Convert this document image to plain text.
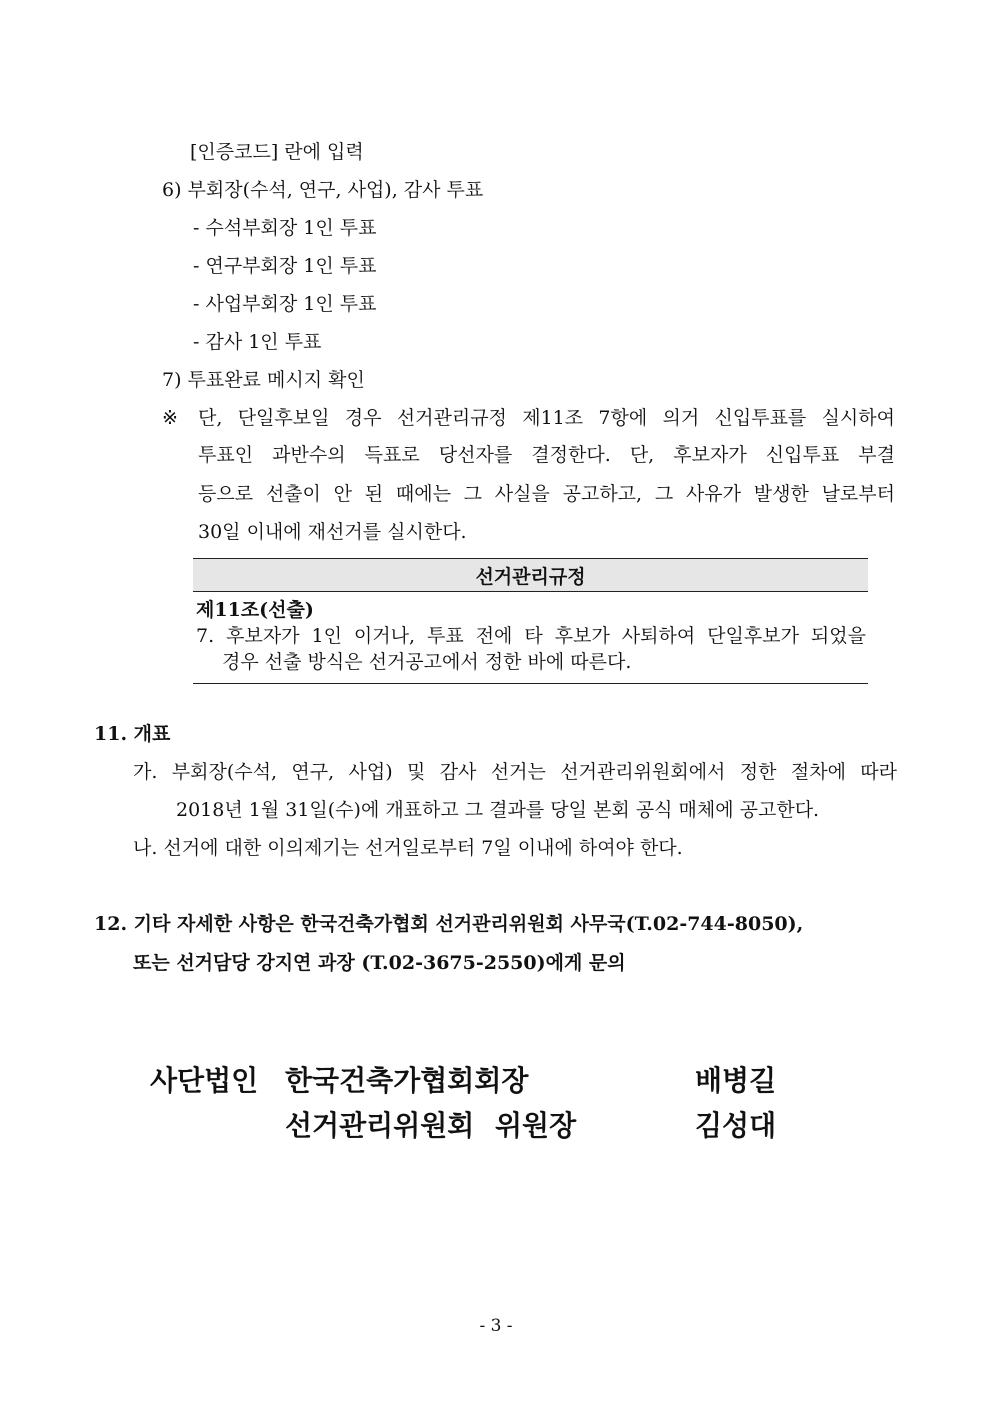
[인증코드] 란에 입력
6) 부회장(수석, 연구, 사업), 감사 투표
- 수석부회장 1인 투표
- 연구부회장 1인 투표
- 사업부회장 1인 투표
- 감사 1인 투표
7) 투표완료 메시지 확인
※ 단, 단일후보일 경우 선거관리규정 제11조 7항에 의거 신입투표를 실시하여
투표인 과반수의 득표로 당선자를 결정한다. 단, 후보자가 신입투표 부결
등으로 선출이 안 된 때에는 그 사실을 공고하고, 그 사유가 발생한 날로부터
30일 이내에 재선거를 실시한다.
선거관리규정
제11조(선출)
7. 후보자가 1인 이거나, 투표 전에 타 후보가 사퇴하여 단일후보가 되었을
경우 선출 방식은 선거공고에서 정한 바에 따른다.
11. 개표
가. 부회장(수석, 연구, 사업) 및 감사 선거는 선거관리위원회에서 정한 절차에 따라
2018년 1월 31일(수)에 개표하고 그 결과를 당일 본회 공식 매체에 공고한다.
나. 선거에 대한 이의제기는 선거일로부터 7일 이내에 하여야 한다.
12. 기타 자세한 사항은 한국건축가협회 선거관리위원회 사무국(T.02-744-8050),
또는 선거담당 강지연 과장 (T.02-3675-2550)에게 문의
사단법인 한국건축가협회회장	배병길
선거관리위원회 위원장	김성대
- 3 -
